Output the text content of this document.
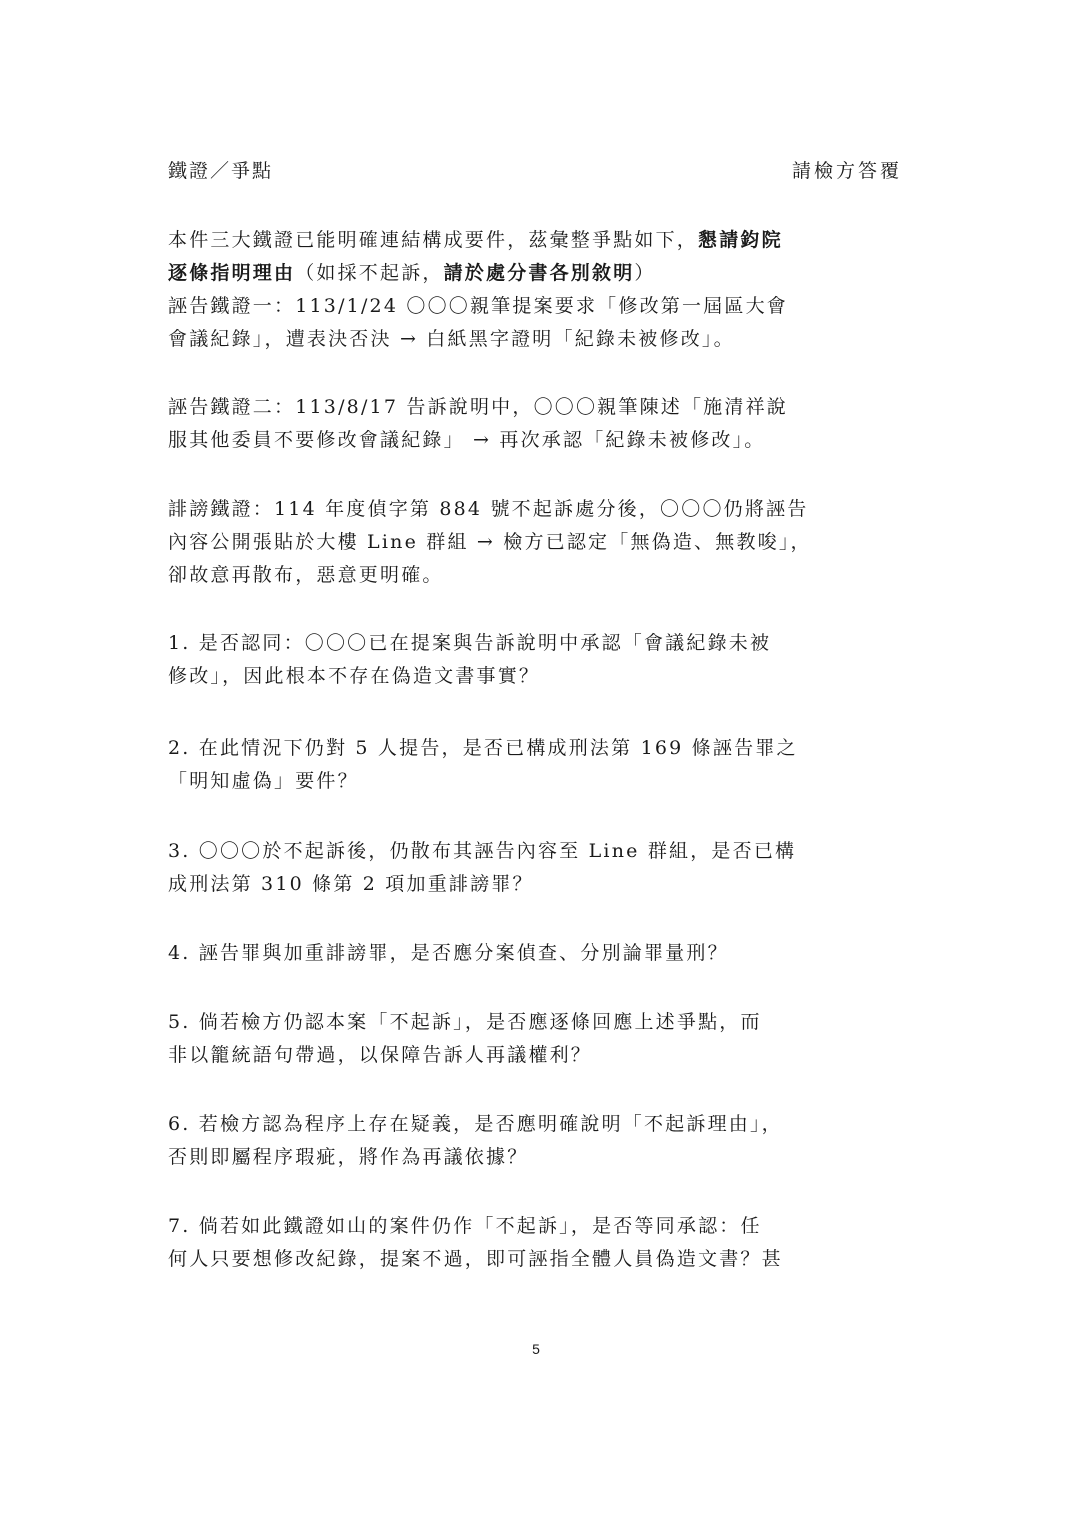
鐵證／爭點	請檢方答覆
本件三大鐵證已能明確連結構成要件，茲彙整爭點如下，懇請鈞院
逐條指明理由（如採不起訴，請於處分書各別敘明）
誣告鐵證一：113/1/24 〇〇〇親筆提案要求「修改第一屆區大會
會議紀錄」，遭表決否決 → 白紙黑字證明「紀錄未被修改」。
誣告鐵證二：113/8/17 告訴說明中，〇〇〇親筆陳述「施清祥說
服其他委員不要修改會議紀錄」 → 再次承認「紀錄未被修改」。
誹謗鐵證：114 年度偵字第 884 號不起訴處分後，〇〇〇仍將誣告
內容公開張貼於大樓 Line 群組 → 檢方已認定「無偽造、無教唆」，
卻故意再散布，惡意更明確。
1. 是否認同：〇〇〇已在提案與告訴說明中承認「會議紀錄未被
修改」，因此根本不存在偽造文書事實？
2. 在此情況下仍對 5 人提告，是否已構成刑法第 169 條誣告罪之
「明知虛偽」要件？
3. 〇〇〇於不起訴後，仍散布其誣告內容至 Line 群組，是否已構
成刑法第 310 條第 2 項加重誹謗罪？
4. 誣告罪與加重誹謗罪，是否應分案偵查、分別論罪量刑？
5. 倘若檢方仍認本案「不起訴」，是否應逐條回應上述爭點，而
非以籠統語句帶過，以保障告訴人再議權利？
6. 若檢方認為程序上存在疑義，是否應明確說明「不起訴理由」，
否則即屬程序瑕疵，將作為再議依據？
7. 倘若如此鐵證如山的案件仍作「不起訴」，是否等同承認：任
何人只要想修改紀錄，提案不過，即可誣指全體人員偽造文書？甚
5
